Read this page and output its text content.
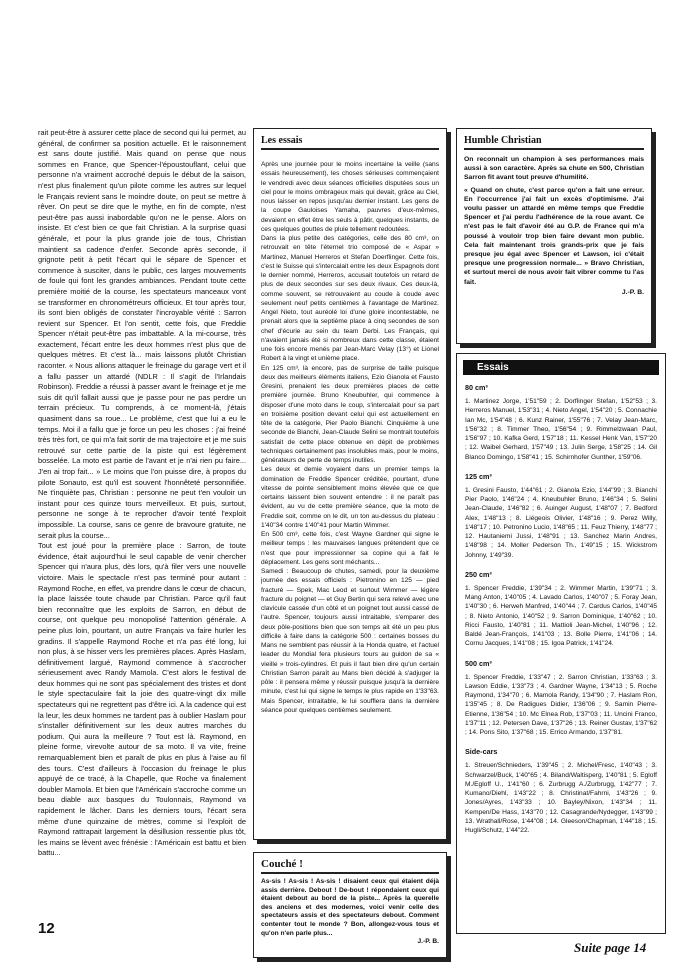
rait peut-être à assurer cette place de second qui lui permet, au général, de confirmer sa position actuelle. Et le raisonnement est sans doute justifié. Mais quand on pense que nous sommes en France, que Spencer-l'époustouflant, celui que personne n'a vraiment accroché depuis le début de la saison, n'est plus finalement qu'un pilote comme les autres sur lequel le Français revient sans le moindre doute, on peut se mettre à rêver. On peut se dire que le mythe, en fin de compte, n'est peut-être pas aussi inabordable qu'on ne le pense. Alors on insiste. Et c'est bien ce que fait Christian. A la surprise quasi générale, et pour la plus grande joie de tous, Christian maintient sa cadence d'enfer. Seconde après seconde, il grignote petit à petit l'écart qui le sépare de Spencer et commence à susciter, dans le public, ces larges mouvements de foule qui font les grandes ambiances. Pendant toute cette première moitié de la course, les spectateurs manceaux vont se transformer en chronométreurs officieux. Et tour après tour, ils sont bien obligés de constater l'incroyable vérité : Sarron revient sur Spencer. Et l'on sentit, cette fois, que Freddie Spencer n'était peut-être pas imbattable. A la mi-course, très exactement, l'écart entre les deux hommes n'est plus que de quelques mètres. Et c'est là... mais laissons plutôt Christian raconter. « Nous allions attaquer le freinage du garage vert et il a fallu passer un attardé (NDLR : Il s'agit de l'Irlandais Robinson). Freddie a réussi à passer avant le freinage et je me suis dit qu'il fallait aussi que je passe pour ne pas perdre un terrain précieux. Tu comprends, à ce moment-là, j'étais quasiment dans sa roue... Le problème, c'est que lui a eu le temps. Moi il a fallu que je force un peu les choses : j'ai freiné très très fort, ce qui m'a fait sortir de ma trajectoire et je me suis retrouvé sur cette partie de la piste qui est légèrement bosselée. La moto est partie de l'avant et je n'ai rien pu faire... J'en ai trop fait... » Le moins que l'on puisse dire, à propos du pilote Sonauto, est qu'il est souvent l'honnêteté personnifiée. Ne t'inquiète pas, Christian : personne ne peut t'en vouloir un instant pour ces quinze tours merveilleux. Et puis, surtout, personne ne songe à te reprocher d'avoir tenté l'exploit impossible. La course, sans ce genre de bravoure gratuite, ne serait plus la course...

Tout est joué pour la première place : Sarron, de toute évidence, était aujourd'hui le seul capable de venir chercher Spencer qui n'aura plus, dès lors, qu'à filer vers une nouvelle victoire. Mais le spectacle n'est pas terminé pour autant : Raymond Roche, en effet, va prendre dans le cœur de chacun, la place laissée toute chaude par Christian. Parce qu'il faut bien reconnaître que les exploits de Sarron, en début de course, ont quelque peu monopolisé l'attention générale. A peine plus loin, pourtant, un autre Français va faire hurler les gradins. Il s'appelle Raymond Roche et n'a pas été long, lui non plus, à se hisser vers les premières places. Après Haslam, définitivement largué, Raymond commence à s'accrocher sérieusement avec Randy Mamola. C'est alors le festival de deux hommes qui ne sont pas spécialement des tristes et dont le style spectaculaire fait la joie des quatre-vingt dix mille spectateurs qui ne regrettent pas d'être ici. A la cadence qui est la leur, les deux hommes ne tardent pas à oublier Haslam pour s'installer définitivement sur les deux autres marches du podium. Qui aura la meilleure ? Tout est là. Raymond, en pleine forme, virevolte autour de sa moto. Il va vite, freine remarquablement bien et paraît de plus en plus à l'aise au fil des tours. C'est d'ailleurs à l'occasion du freinage le plus appuyé de ce tracé, à la Chapelle, que Roche va finalement doubler Mamola. Et bien que l'Américain s'accroche comme un beau diable aux basques du Toulonnais, Raymond va rapidement le lâcher. Dans les derniers tours, l'écart sera même d'une quinzaine de mètres, comme si l'exploit de Raymond rattrapait largement la désillusion ressentie plus tôt, les mains se lèvent avec frénésie : l'Américain est battu et bien battu...

Les essais

Après une journée pour le moins incertaine la veille (sans essais heureusement), les choses sérieuses commençaient le vendredi avec deux séances officielles disputées sous un ciel pour le moins ombrageux mais qui devait, grâce au Ciel, nous laisser en repos jusqu'au dernier instant. Les gens de la coupe Gauloises Yamaha, pauvres d'eux-mêmes, devaient en effet être les seuls à pâtir, quelques instants, de ces quelques gouttes de pluie tellement redoutées.

Dans la plus petite des catégories, celle des 80 cm³, on retrouvait en tête l'éternel trio composé de « Aspar » Martinez, Manuel Herreros et Stefan Doerflinger. Cette fois, c'est le Suisse qui s'intercalait entre les deux Espagnols dont le dernier nommé, Herreros, accusait toutefois un retard de plus de deux secondes sur ses deux rivaux. Ces deux-là, comme souvent, se retrouvaient au coude à coude avec seulement neuf petits centièmes à l'avantage de Martinez. Angel Nieto, tout auréolé loi d'une gloire incontestable, ne prenait alors que la septième place à cinq secondes de son chef d'écurie au sein du team Derbi. Les Français, qui n'avaient jamais été si nombreux dans cette classe, étaient une fois encore menés par Jean-Marc Velay (13°) et Lionel Robert à la vingt et unième place.

En 125 cm³, là encore, pas de surprise de taille puisque deux des meilleurs éléments italiens, Ezio Gianola et Fausto Gresini, prenaient les deux premières places de cette première journée. Bruno Kneubuhler, qui commence à disposer d'une moto dans le coup, s'intercalait pour sa part en troisième position devant celui qui est actuellement en tête de la catégorie, Pier Paolo Bianchi. Cinquième à une seconde de Bianchi, Jean-Claude Selini se montrait toutefois satisfait de cette place obtenue en dépit de problèmes techniques certainement pas insolubles mais, pour le moins, générateurs de perte de temps inutiles.

Les deux et demie voyaient dans un premier temps la domination de Freddie Spencer créditée, pourtant, d'une vitesse de pointe sensiblement moins élevée que ce que certains laissent bien souvent entendre : il ne paraît pas évident, au vu de cette première séance, que la moto de Freddie soit, comme on le dit, un ton au-dessus du plateau : 1'40"34 contre 1'40"41 pour Martin Wimmer.

En 500 cm³, cette fois, c'est Wayne Gardner qui signe le meilleur temps : les mauvaises langues prétendent que ce n'est que pour impressionner sa copine qui a fait le déplacement. Les gens sont méchants...

Samedi : Beaucoup de chutes, samedi, pour la deuxième journée des essais officiels : Pietronino en 125 — pied fracturé — Spek, Mac Leod et surtout Wimmer — légère fracture du poignet — et Guy Bertin qui sera relevé avec une clavicule cassée d'un côté et un poignet tout aussi cassé de l'autre. Spencer, toujours aussi intraitable, s'emparer des deux pôle-positions bien que son temps ait été un peu plus difficile à faire dans la catégorie 500 : certaines bosses du Mans ne semblent pas réussir à la Honda quatre, et l'actuel leader du Mondial fera plusieurs tours au guidon de sa « vieille » trois-cylindres. Et puis il faut bien dire qu'un certain Christian Sarron paraît au Mans bien décidé à s'adjuger la pôle : il pensera même y réussir puisque jusqu'à la dernière minute, c'est lui qui signe le temps le plus rapide en 1'33"63. Mais Spencer, intraitable, le lui soufflera dans la dernière séance pour quelques centièmes seulement.

Humble Christian

On reconnaît un champion à ses performances mais aussi à son caractère. Après sa chute en 500, Christian Sarron fit avant tout preuve d'humilité.

« Quand on chute, c'est parce qu'on a fait une erreur. En l'occurrence j'ai fait un excès d'optimisme. J'ai voulu passer un attardé en même temps que Freddie Spencer et j'ai perdu l'adhérence de la roue avant. Ce n'est pas le fait d'avoir été au G.P. de France qui m'a poussé à vouloir trop bien faire devant mon public. Cela fait maintenant trois grands-prix que je fais presque jeu égal avec Spencer et Lawson, ici c'était presque une progression normale... » Bravo Christian, et surtout merci de nous avoir fait vibrer comme tu l'as fait.

J.-P. B.
Essais
80 cm³

1. Martinez Jorge, 1'51"59 ; 2. Dorflinger Stefan, 1'52"53 ; 3. Herreros Manuel, 1'53"31 ; 4. Nieto Angel, 1'54"20 ; 5. Connachie Ian Mc, 1'54"48 ; 6. Kunz Rainer, 1'55"76 ; 7. Velay Jean-Marc, 1'56"32 ; 8. Timmer Theo, 1'56"54 ; 9. Rimmelzwaan Paul, 1'56"97 ; 10. Kafka Gerd, 1'57"18 ; 11. Kessel Henk Van, 1'57"20 ; 12. Waibel Gerhard, 1'57"49 ; 13. Julin Serge, 1'58"25 ; 14. Gil Blanco Domingo, 1'58"41 ; 15. Schirnhofer Gunther, 1'59"06.

125 cm³

1. Gresini Fausto, 1'44"61 ; 2. Gianola Ezio, 1'44"99 ; 3. Bianchi Pier Paolo, 1'46"24 ; 4. Kneubuhler Bruno, 1'46"34 ; 5. Selini Jean-Claude, 1'46"82 ; 6. Auinger August, 1'48"07 ; 7. Bedford Alex, 1'48"13 ; 8. Liégeois Olivier, 1'48"16 ; 9. Perez Willy, 1'48"17 ; 10. Petronino Lucio, 1'48"65 ; 11. Feuz Thierry, 1'48"77 ; 12. Hautaniemi Jussi, 1'48"91 ; 13. Sanchez Marin Andres, 1'48"98 ; 14. Moller Pederson Th., 1'49"15 ; 15. Wickstrom Johnny, 1'49"39.

250 cm³

1. Spencer Freddie, 1'39"34 ; 2. Wimmer Martin, 1'39"71 ; 3. Mang Anton, 1'40"05 ; 4. Lavado Carlos, 1'40"07 ; 5. Foray Jean, 1'40"30 ; 6. Herweh Manfred, 1'40"44 ; 7. Cardus Carlos, 1'40"45 ; 8. Nieto Antonio, 1'40"52 ; 9. Sarron Dominique, 1'40"62 ; 10. Ricci Fausto, 1'40"81 ; 11. Mattioli Jean-Michel, 1'40"96 ; 12. Baldé Jean-François, 1'41"03 ; 13. Bolle Pierre, 1'41"06 ; 14. Cornu Jacques, 1'41"08 ; 15. Igoa Patrick, 1'41"24.

500 cm³

1. Spencer Freddie, 1'33"47 ; 2. Sarron Christian, 1'33"63 ; 3. Lawson Eddie, 1'33"73 ; 4. Gardner Wayne, 1'34"13 ; 5. Roche Raymond, 1'34"70 ; 6. Mamola Randy, 1'34"90 ; 7. Haslam Ron, 1'35"45 ; 8. De Radigues Didier, 1'36"06 ; 9. Samin Pierre-Etienne, 1'36"54 ; 10. Mc Elnea Rob, 1'37"03 ; 11. Uncini Franco, 1'37"11 ; 12. Petersen Dave, 1'37"26 ; 13. Reiner Gustav, 1'37"62 ; 14. Pons Sito, 1'37"68 ; 15. Errico Armando, 1'37"81.

Side-cars

1. Streuer/Schnieders, 1'39"45 ; 2. Michel/Fresc, 1'40"43 ; 3. Schwarzel/Buck, 1'40"65 ; 4. Biland/Waltisperg, 1'40"81 ; 5. Egloff M./Egloff U., 1'41"60 ; 6. Zurbrugg A./Zurbrugg, 1'42"77 ; 7. Kumano/Diehl, 1'43"22 ; 8. Christinat/Fahrni, 1'43"26 ; 9. Jones/Ayres, 1'43"33 ; 10. Bayley/Nixon, 1'43"34 ; 11. Kempen/De Hass, 1'43"70 ; 12. Casagrande/Nydegger, 1'43"99 ; 13. Wrathall/Rose, 1'44"08 ; 14. Gleeson/Chapman, 1'44"18 ; 15. Hugli/Schutz, 1'44"22.

Couché !

As-sis ! As-sis ! As-sis ! disaient ceux qui étaient déjà assis derrière. Debout ! De-bout ! répondaient ceux qui étaient debout au bord de la piste... Après la querelle des anciens et des modernes, voici venir celle des spectateurs assis et des spectateurs debout. Comment contenter tout le monde ? Bon, allongez-vous tous et qu'on n'en parle plus...

J.-P. B.
12
Suite page 14
